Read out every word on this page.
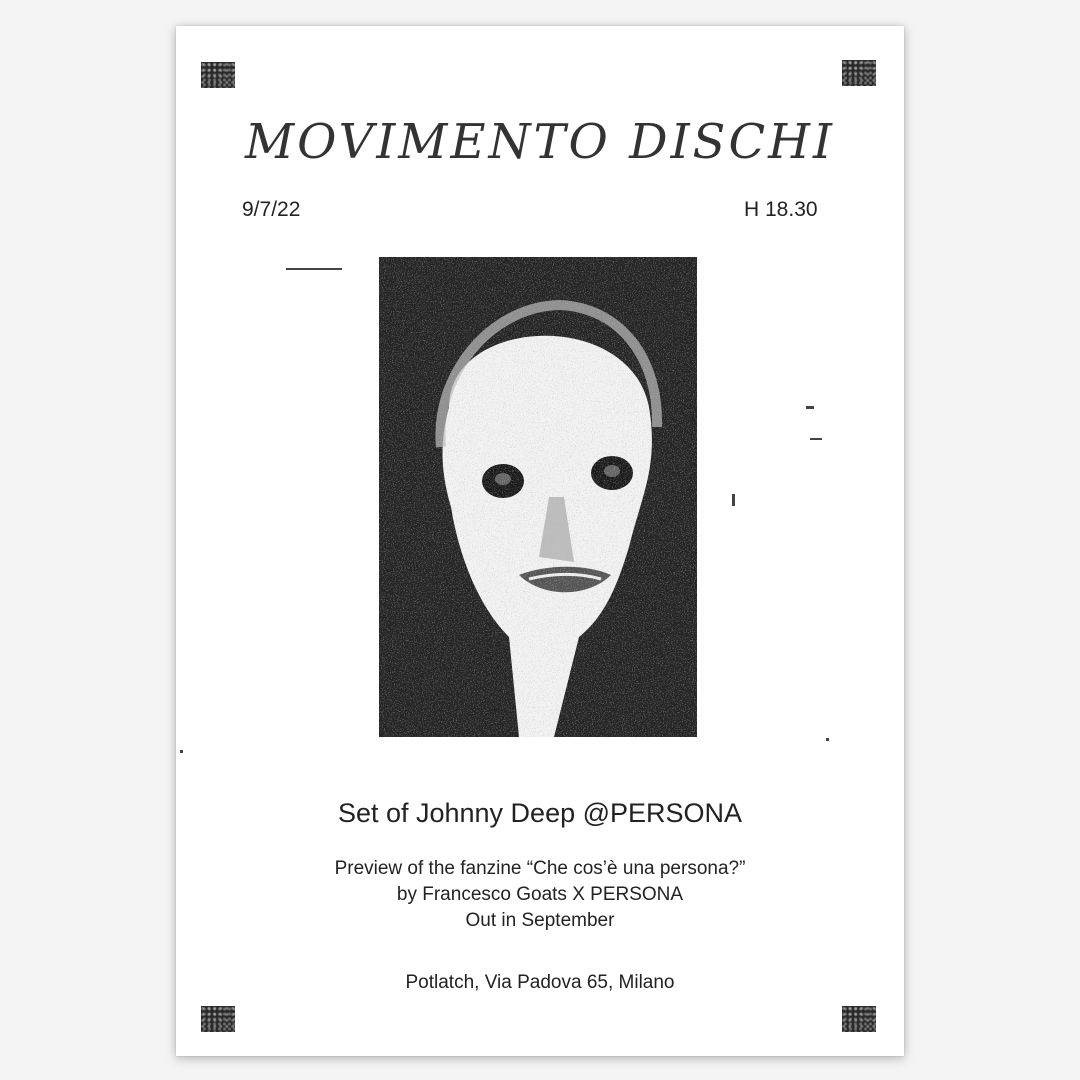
MOVIMENTO DISCHI
9/7/22	H 18.30
Set of Johnny Deep @PERSONA
Preview of the fanzine “Che cos’è una persona?”
by Francesco Goats X PERSONA
Out in September
Potlatch, Via Padova 65, Milano
